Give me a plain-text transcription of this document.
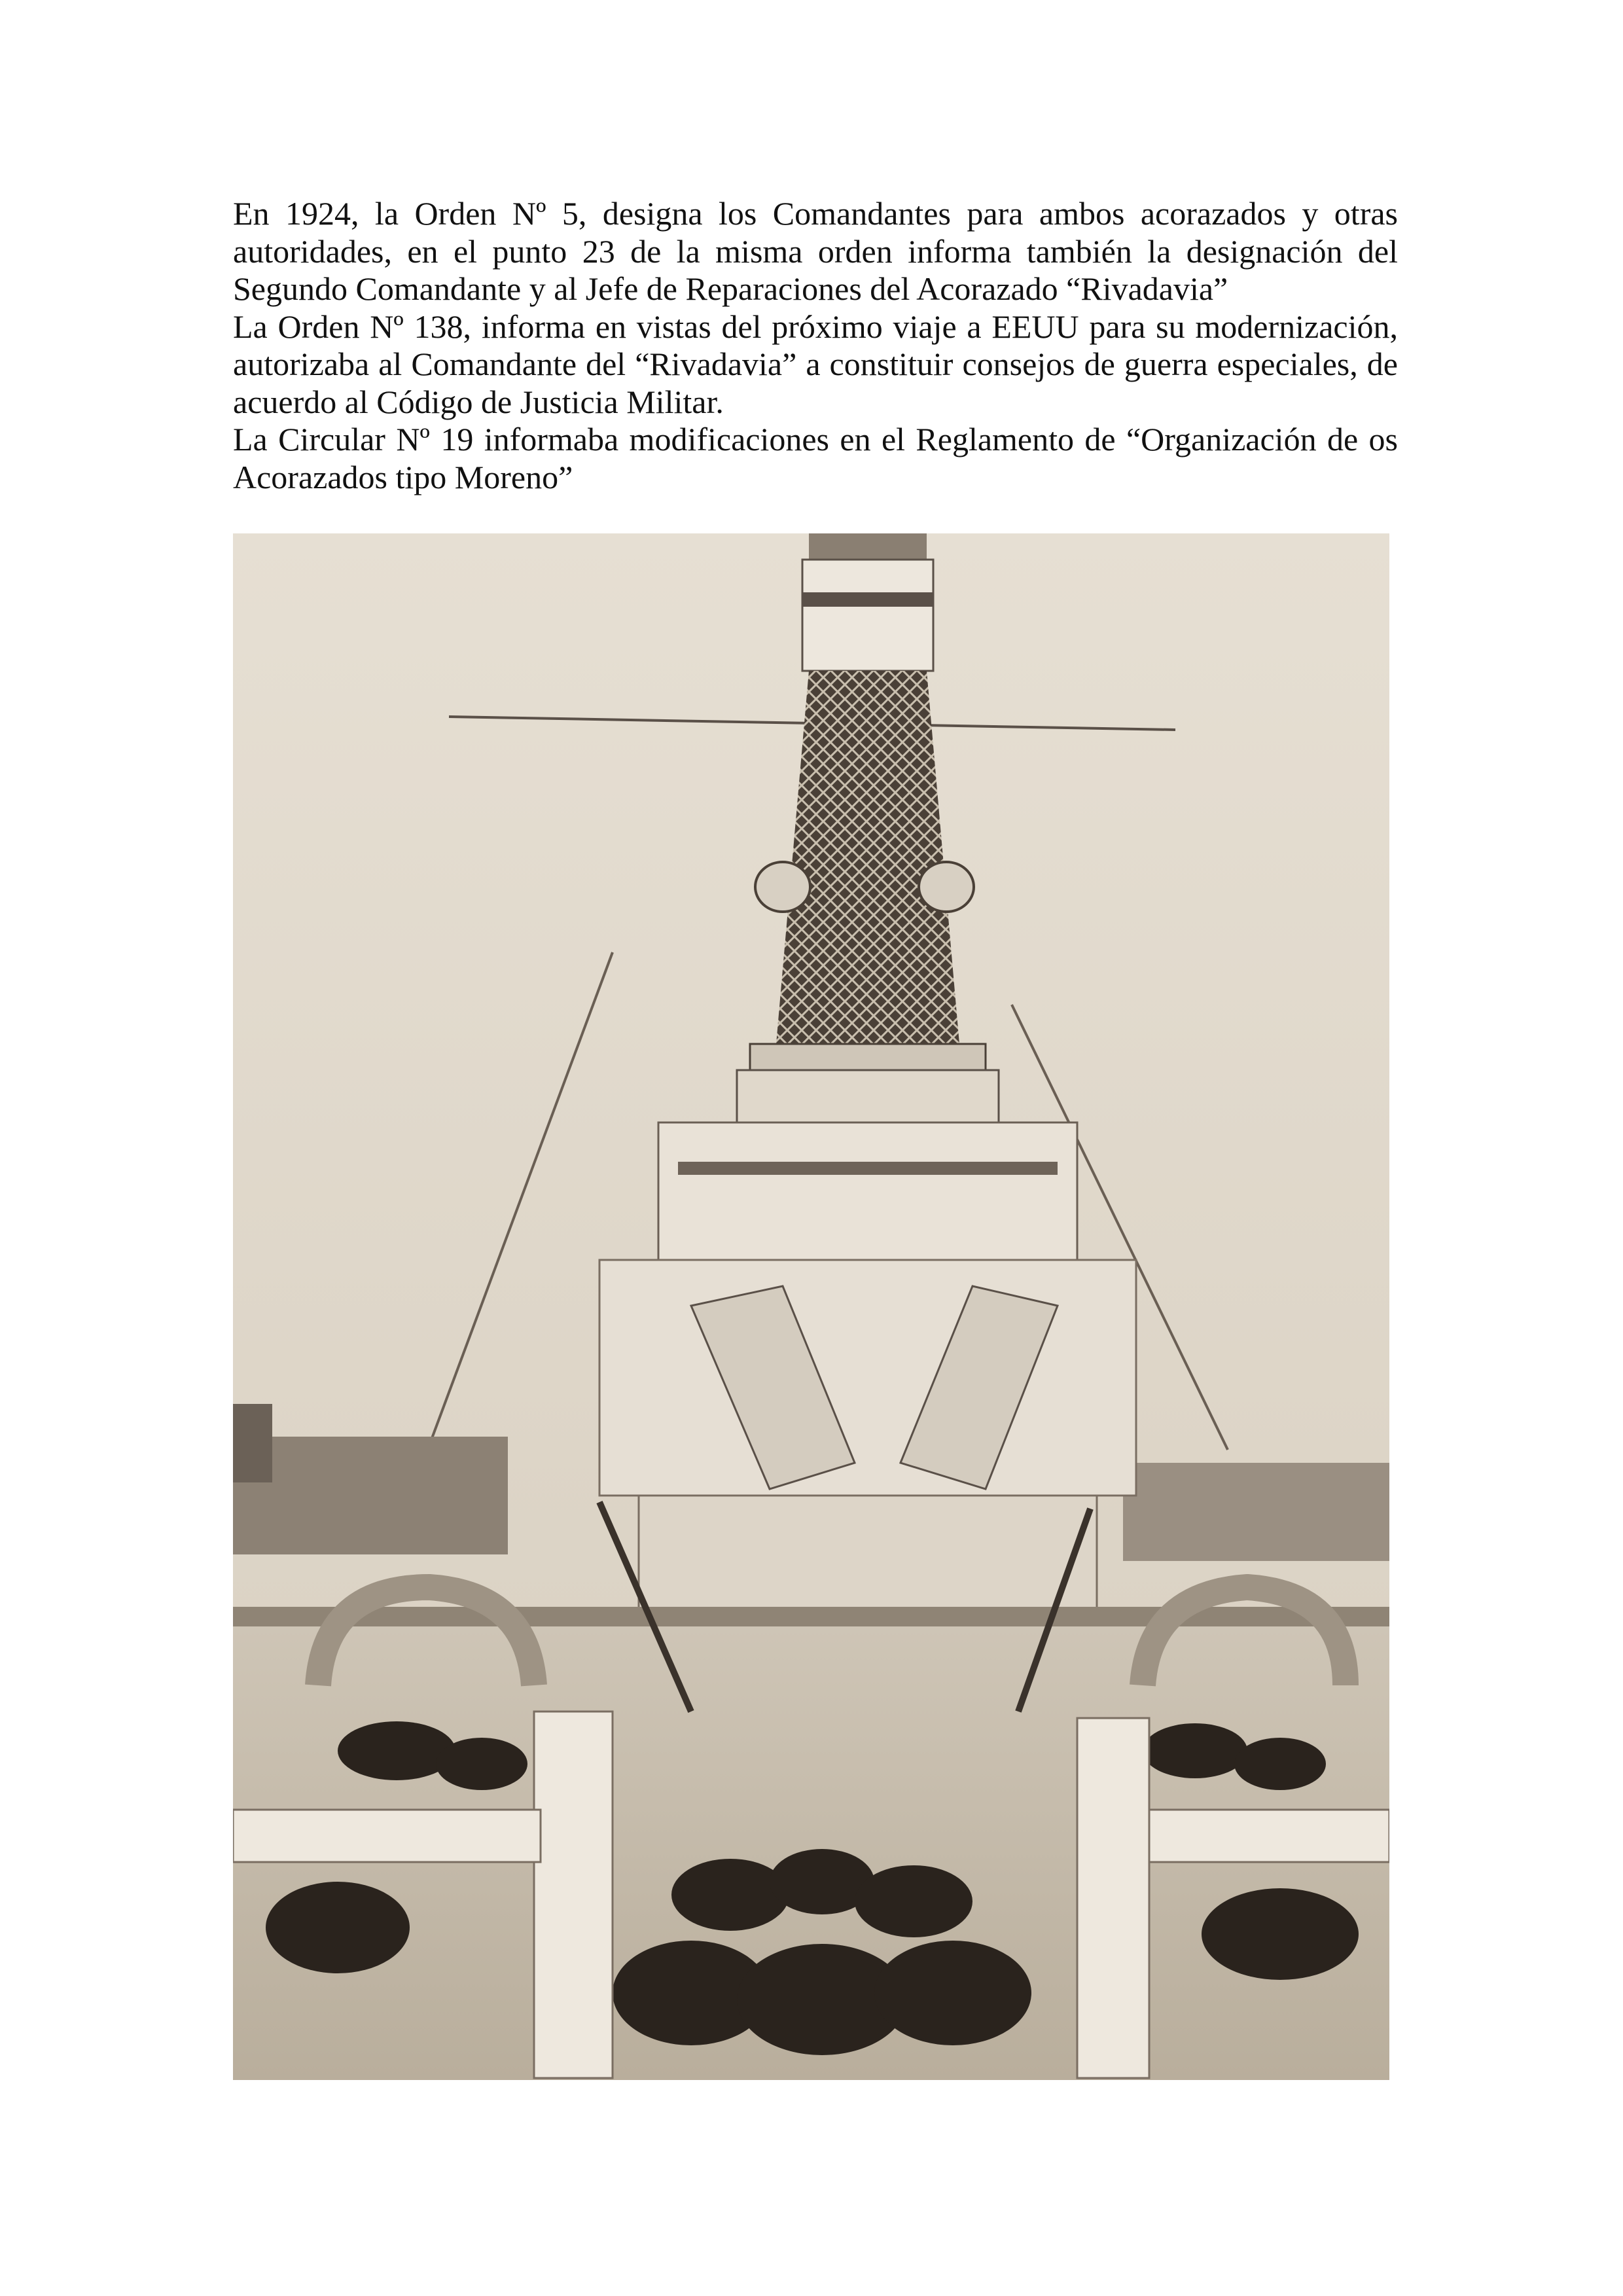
En 1924, la Orden Nº 5, designa los Comandantes para ambos acorazados y otras autoridades, en el punto 23 de la misma orden informa también la designación del Segundo Comandante y al Jefe de Reparaciones del Acorazado “Rivadavia”

La Orden Nº 138, informa en vistas del próximo viaje a EEUU para su modernización, autorizaba al Comandante del “Rivadavia” a constituir consejos de guerra especiales, de acuerdo al Código de Justicia Militar.

La Circular Nº 19 informaba modificaciones en el Reglamento de “Organización de os Acorazados tipo Moreno”
